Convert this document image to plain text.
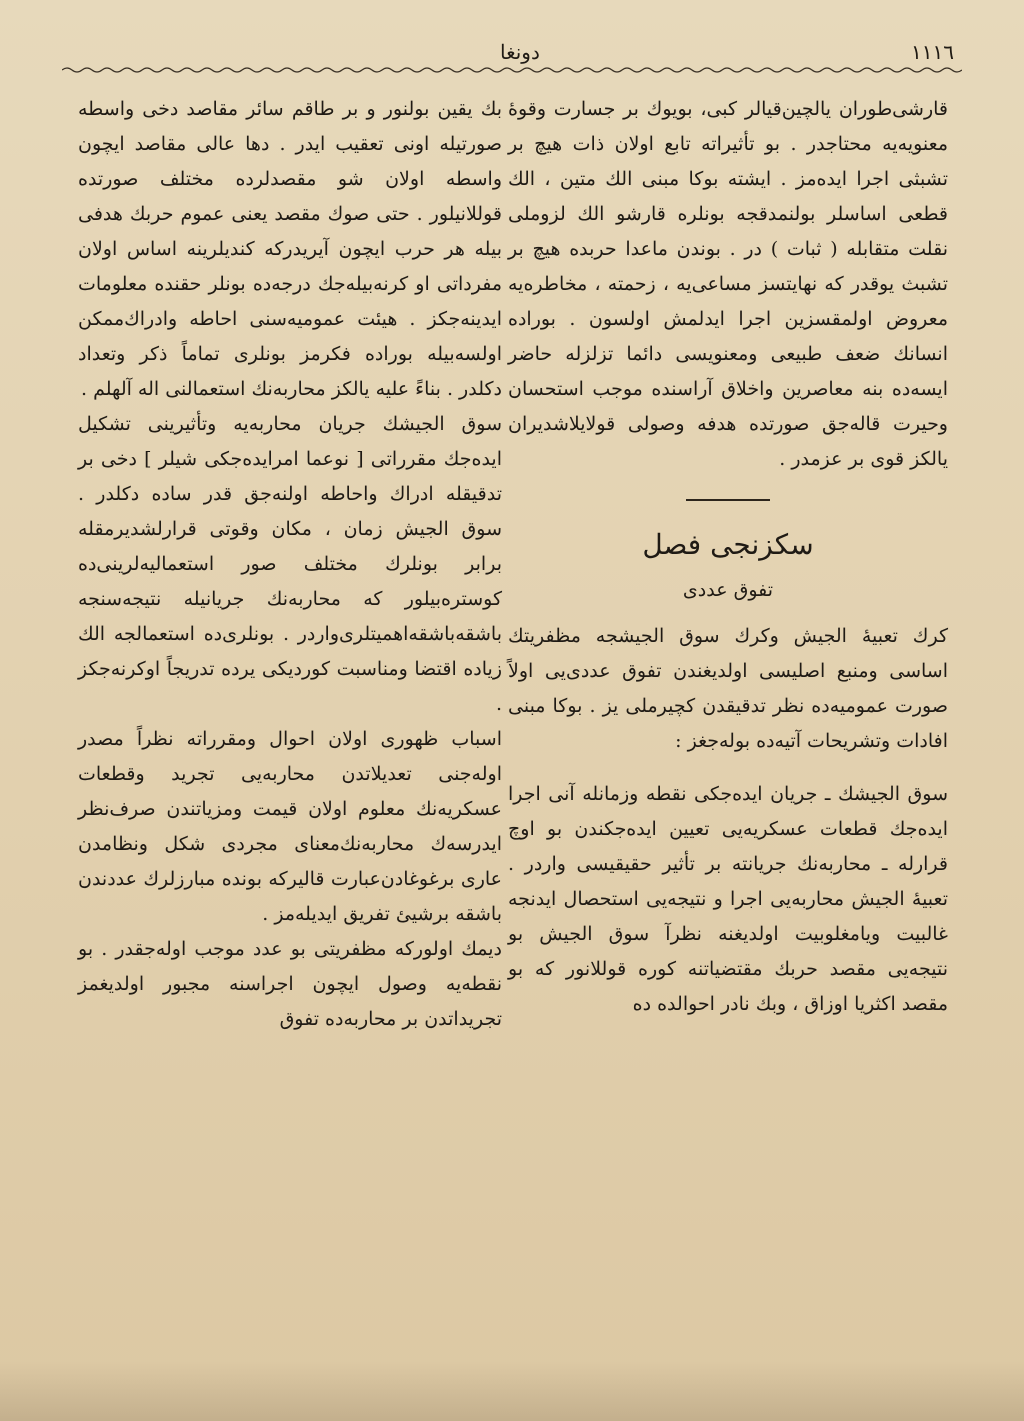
١١١٦
دونغا

قارشی‌طوران یالچین‌قیالر كبی، بویوك بر جسارت وقوهٔ معنویه‌یه محتاجدر . بو تأثیراته تابع اولان ذات هیچ بر تشبثی اجرا ایده‌مز . ایشته بوكا مبنی الك متین ، الك قطعی اساسلر بولنمدقجه بونلره قارشو الك لزوملی نقلت متقابله ( ثبات ) در . بوندن ماعدا حربده هیچ بر تشبث یوقدر كه نهایتسز مساعی‌یه ، زحمته ، مخاطره‌یه معروض اولمقسزین اجرا ایدلمش اولسون . بوراده انسانك ضعف طبیعی ومعنویسی دائما تزلزله حاضر ایسه‌ده بنه معاصرین واخلاق آراسنده موجب استحسان وحیرت قاله‌جق صورتده هدفه وصولی قولایلاشدیران یالكز قوی بر عزمدر .

سكزنجی فصل
تفوق عددی

كرك تعبیهٔ الجیش وكرك سوق الجیشجه مظفریتك اساسی ومنبع اصلیسی اولدیغندن تفوق عددی‌یی اولاً صورت عمومیه‌ده نظر تدقیقدن كچیرملی یز . بوكا مبنی افادات وتشریحات آتیه‌ده بوله‌جغز :

سوق الجیشك ـ جریان ایده‌جكی نقطه وزمانله آنی اجرا ایده‌جك قطعات عسكریه‌یی تعیین ایده‌جكندن بو اوچ قرارله ـ محاربه‌نك جریانته بر تأثیر حقیقیسی واردر . تعبیهٔ الجیش محاربه‌یی اجرا و نتیجه‌یی استحصال ایدنجه غالبیت ویامغلوبیت اولدیغنه نظرآ سوق الجیش بو نتیجه‌یی مقصد حربك مقتضیاتنه كوره قوللانور كه بو مقصد اكثریا اوزاق ، وبك نادر احوالده ده

بك یقین بولنور و بر طاقم سائر مقاصد دخی واسطه صورتیله اونی تعقیب ایدر . دها عالی مقاصد ایچون واسطه اولان شو مقصدلرده مختلف صورتده قوللانیلور . حتی صوك مقصد یعنی عموم حربك هدفی بیله هر حرب ایچون آیریدركه كندیلرینه اساس اولان مفرداتی او كرنه‌بیله‌جك درجه‌ده بونلر حقنده معلومات ایدینه‌جكز . هیئت عمومیه‌سنی احاطه وادراك‌ممكن اولسه‌بیله بوراده فكرمز بونلری تماماً ذكر وتعداد دكلدر . بناءً علیه یالكز محاربه‌نك استعمالنی اله آلهلم .

سوق الجیشك جریان محاربه‌یه وتأثیرینی تشكیل ایده‌جك مقرراتی [ نوعما امرایده‌جكی شیلر ] دخی بر تدقیقله ادراك واحاطه اولنه‌جق قدر ساده دكلدر . سوق الجیش زمان ، مكان وقوتی قرارلشدیرمقله برابر بونلرك مختلف صور استعمالیه‌لرینی‌ده كوستره‌بیلور كه محاربه‌نك جریانیله نتیجه‌سنجه باشقه‌باشقه‌اهمیتلری‌واردر . بونلری‌ده استعمالجه الك زیاده اقتضا ومناسبت كوردیكی یرده تدریجاً اوكرنه‌جكز .

اسباب ظهوری اولان احوال ومقرراته نظراً مصدر اوله‌جنی تعدیلاتدن محاربه‌یی تجرید وقطعات عسكریه‌نك معلوم اولان قیمت ومزیاتندن صرف‌نظر ایدرسه‌ك محاربه‌نك‌معنای مجردی شكل ونظامدن عاری برغوغادن‌عبارت قالیركه بونده مبارزلرك عددندن باشقه برشیئ تفریق ایدیله‌مز .

دیمك اولوركه مظفریتی بو عدد موجب اوله‌جقدر . بو نقطه‌یه وصول ایچون اجراسنه مجبور اولدیغمز تجریداتدن بر محاربه‌ده تفوق
